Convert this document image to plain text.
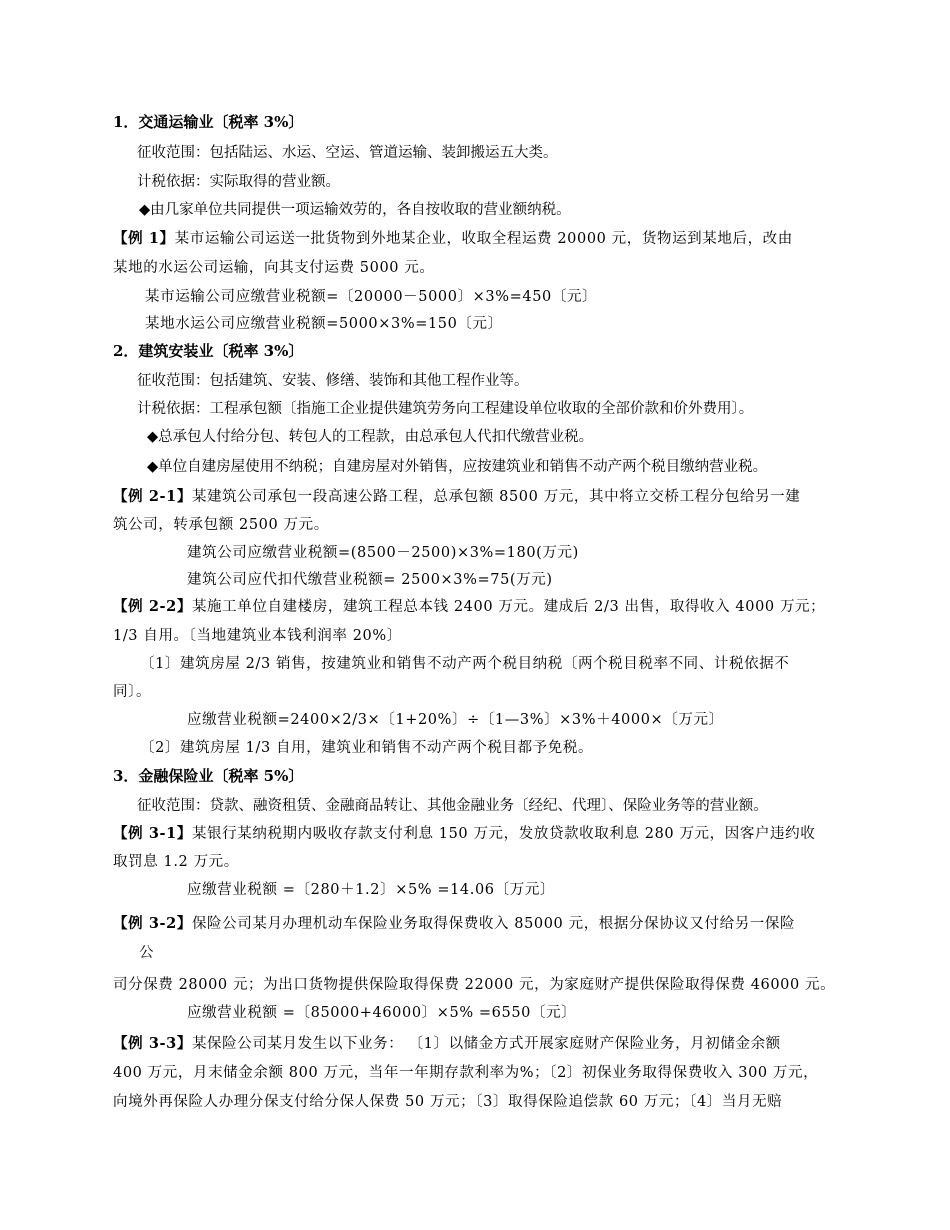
1．交通运输业〔税率 3%〕
征收范围：包括陆运、水运、空运、管道运输、装卸搬运五大类。
计税依据：实际取得的营业额。
◆由几家单位共同提供一项运输效劳的，各自按收取的营业额纳税。
【例 1】某市运输公司运送一批货物到外地某企业，收取全程运费 20000 元，货物运到某地后，改由
某地的水运公司运输，向其支付运费 5000 元。
某市运输公司应缴营业税额=〔20000－5000〕×3%=450〔元〕
某地水运公司应缴营业税额=5000×3%=150〔元〕
2．建筑安装业〔税率 3%〕
征收范围：包括建筑、安装、修缮、装饰和其他工程作业等。
计税依据：工程承包额〔指施工企业提供建筑劳务向工程建设单位收取的全部价款和价外费用〕。
◆总承包人付给分包、转包人的工程款，由总承包人代扣代缴营业税。
◆单位自建房屋使用不纳税；自建房屋对外销售，应按建筑业和销售不动产两个税目缴纳营业税。
【例 2-1】某建筑公司承包一段高速公路工程，总承包额 8500 万元，其中将立交桥工程分包给另一建
筑公司，转承包额 2500 万元。
建筑公司应缴营业税额=(8500－2500)×3%=180(万元)
建筑公司应代扣代缴营业税额= 2500×3%=75(万元)
【例 2-2】某施工单位自建楼房，建筑工程总本钱 2400 万元。建成后 2/3 出售，取得收入 4000 万元；
1/3 自用。〔当地建筑业本钱利润率 20%〕
〔1〕建筑房屋 2/3 销售，按建筑业和销售不动产两个税目纳税〔两个税目税率不同、计税依据不
同〕。
应缴营业税额=2400×2/3×〔1+20%〕÷〔1—3%〕×3%＋4000×〔万元〕
〔2〕建筑房屋 1/3 自用，建筑业和销售不动产两个税目都予免税。
3．金融保险业〔税率 5%〕
征收范围：贷款、融资租赁、金融商品转让、其他金融业务〔经纪、代理〕、保险业务等的营业额。
【例 3-1】某银行某纳税期内吸收存款支付利息 150 万元，发放贷款收取利息 280 万元，因客户违约收
取罚息 1.2 万元。
应缴营业税额 =〔280＋1.2〕×5% =14.06〔万元〕
【例 3-2】保险公司某月办理机动车保险业务取得保费收入 85000 元，根据分保协议又付给另一保险
公
司分保费 28000 元；为出口货物提供保险取得保费 22000 元，为家庭财产提供保险取得保费 46000 元。
应缴营业税额 =〔85000+46000〕×5% =6550〔元〕
【例 3-3】某保险公司某月发生以下业务： 〔1〕以储金方式开展家庭财产保险业务，月初储金余额
400 万元，月末储金余额 800 万元，当年一年期存款利率为%；〔2〕初保业务取得保费收入 300 万元，
向境外再保险人办理分保支付给分保人保费 50 万元；〔3〕取得保险追偿款 60 万元；〔4〕当月无赔
